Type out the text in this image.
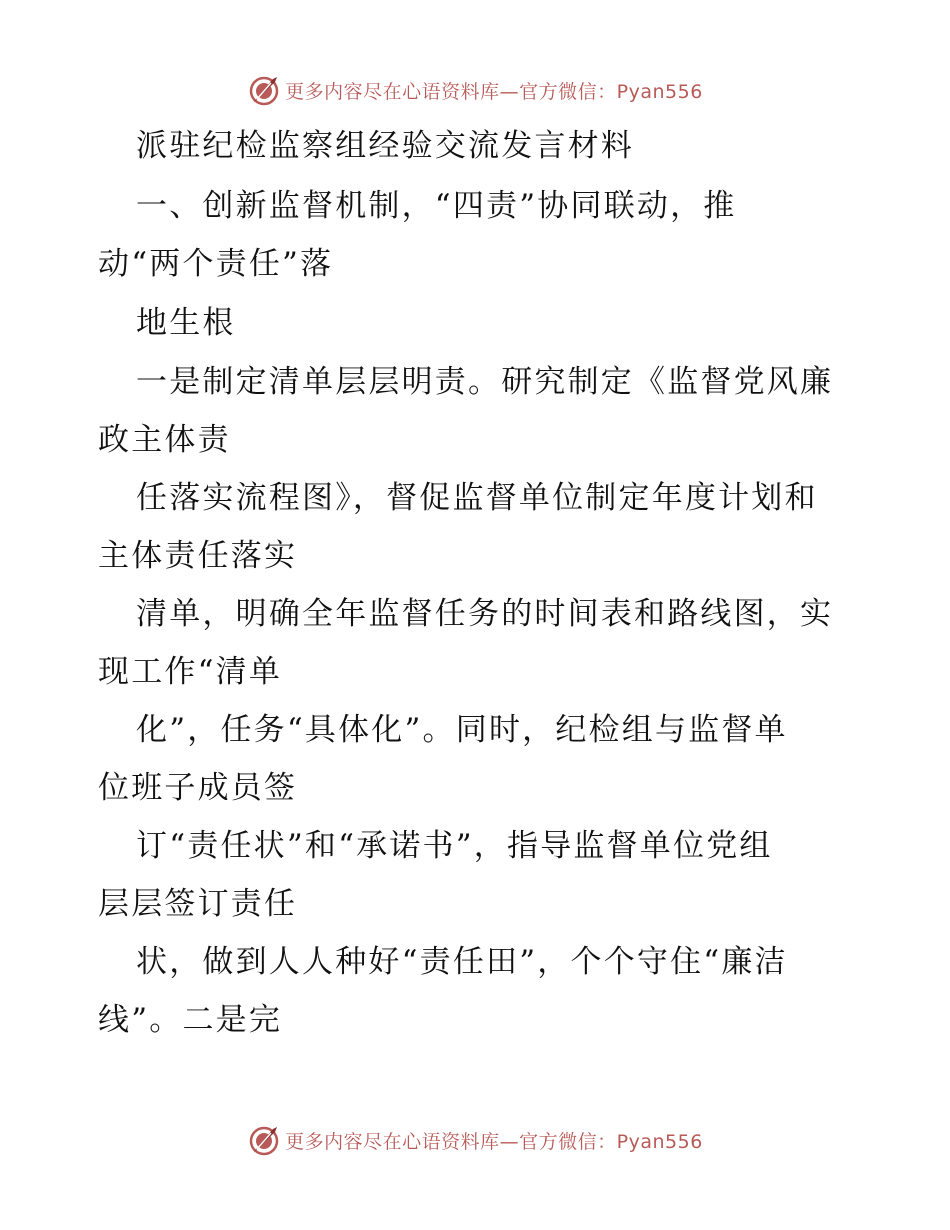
更多内容尽在心语资料库—官方微信：Pyan556
派驻纪检监察组经验交流发言材料
一、创新监督机制，“四责”协同联动，推
动“两个责任”落
地生根
一是制定清单层层明责。研究制定《监督党风廉
政主体责
任落实流程图》，督促监督单位制定年度计划和
主体责任落实
清单，明确全年监督任务的时间表和路线图，实
现工作“清单
化”，任务“具体化”。同时，纪检组与监督单
位班子成员签
订“责任状”和“承诺书”，指导监督单位党组
层层签订责任
状，做到人人种好“责任田”，个个守住“廉洁
线”。二是完
更多内容尽在心语资料库—官方微信：Pyan556
